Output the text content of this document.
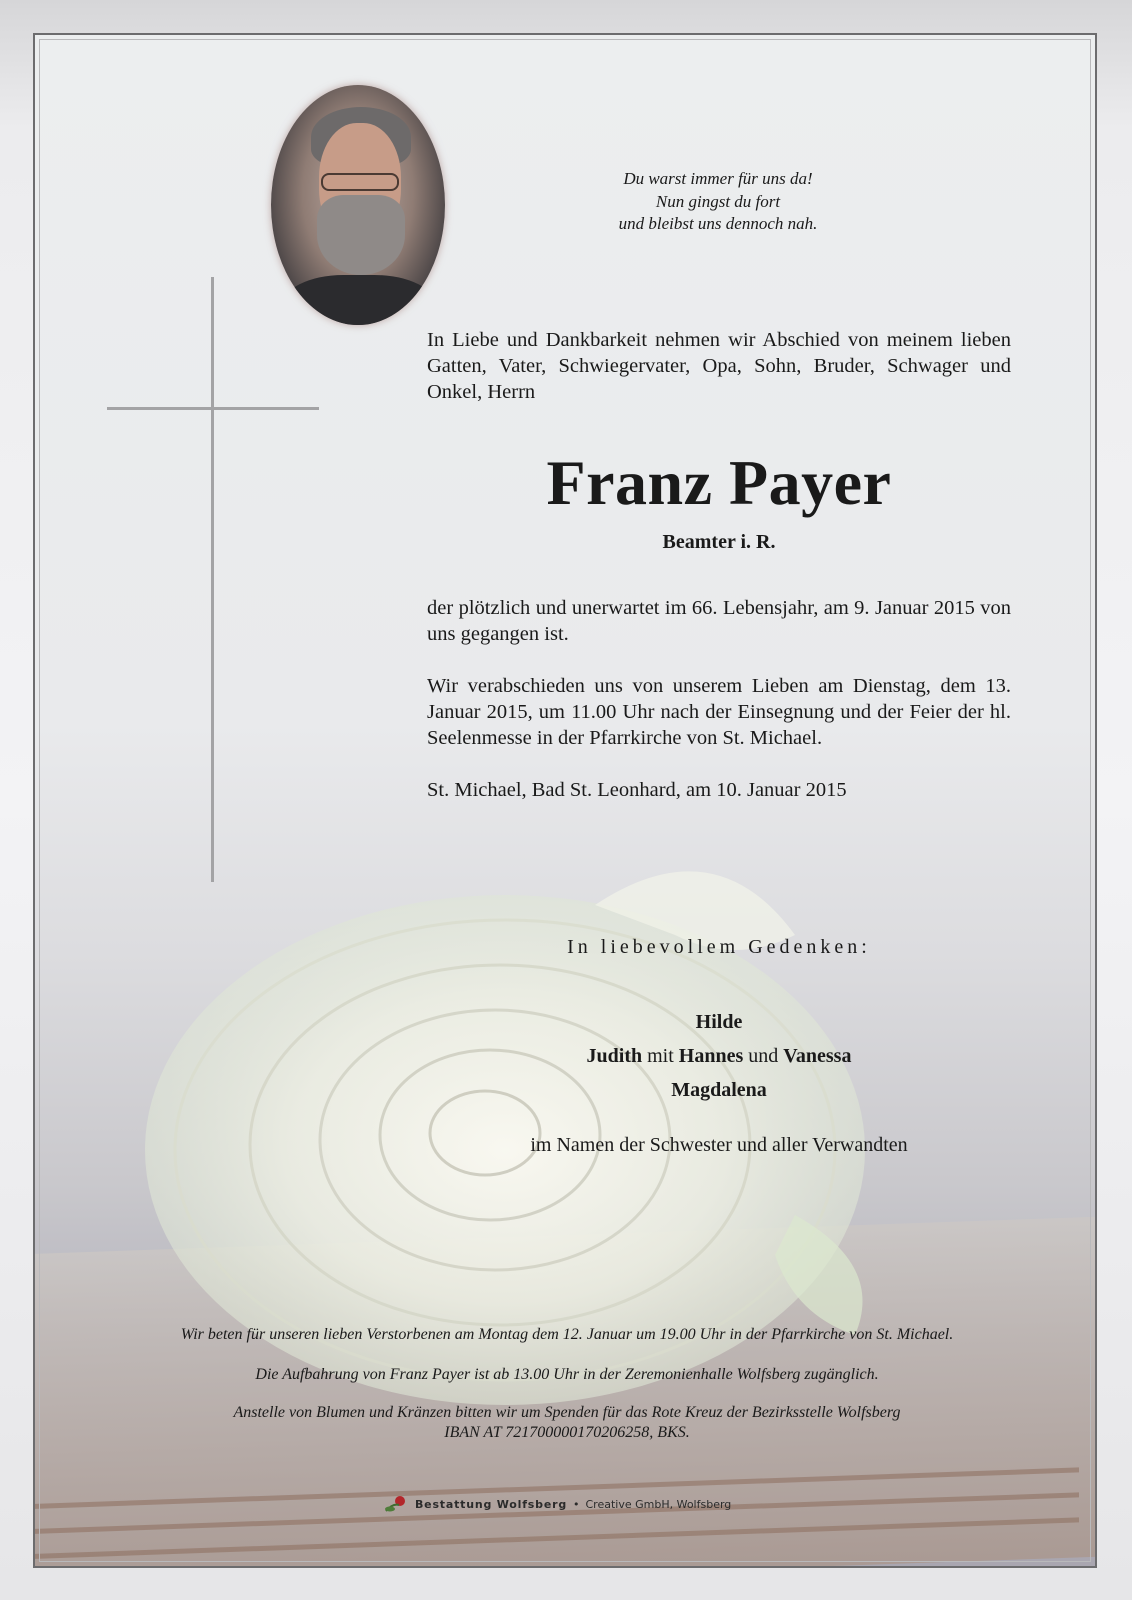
Du warst immer für uns da!
Nun gingst du fort
und bleibst uns dennoch nah.
In Liebe und Dankbarkeit nehmen wir Abschied von meinem lieben Gatten, Vater, Schwiegervater, Opa, Sohn, Bruder, Schwager und Onkel, Herrn
Franz Payer
Beamter i. R.
der plötzlich und unerwartet im 66. Lebensjahr, am 9. Januar 2015 von uns gegangen ist.
Wir verabschieden uns von unserem Lieben am Dienstag, dem 13. Januar 2015, um 11.00 Uhr nach der Einsegnung und der Feier der hl. Seelenmesse in der Pfarrkirche von St. Michael.
St. Michael, Bad St. Leonhard, am 10. Januar 2015
In liebevollem Gedenken:
Hilde
Judith mit Hannes und Vanessa
Magdalena
im Namen der Schwester und aller Verwandten
Wir beten für unseren lieben Verstorbenen am Montag dem 12. Januar um 19.00 Uhr in der Pfarrkirche von St. Michael.
Die Aufbahrung von Franz Payer ist ab 13.00 Uhr in der Zeremonienhalle Wolfsberg zugänglich.
Anstelle von Blumen und Kränzen bitten wir um Spenden für das Rote Kreuz der Bezirksstelle Wolfsberg
IBAN AT 72170000017020625​8, BKS.
Bestattung Wolfsberg • Creative GmbH, Wolfsberg
